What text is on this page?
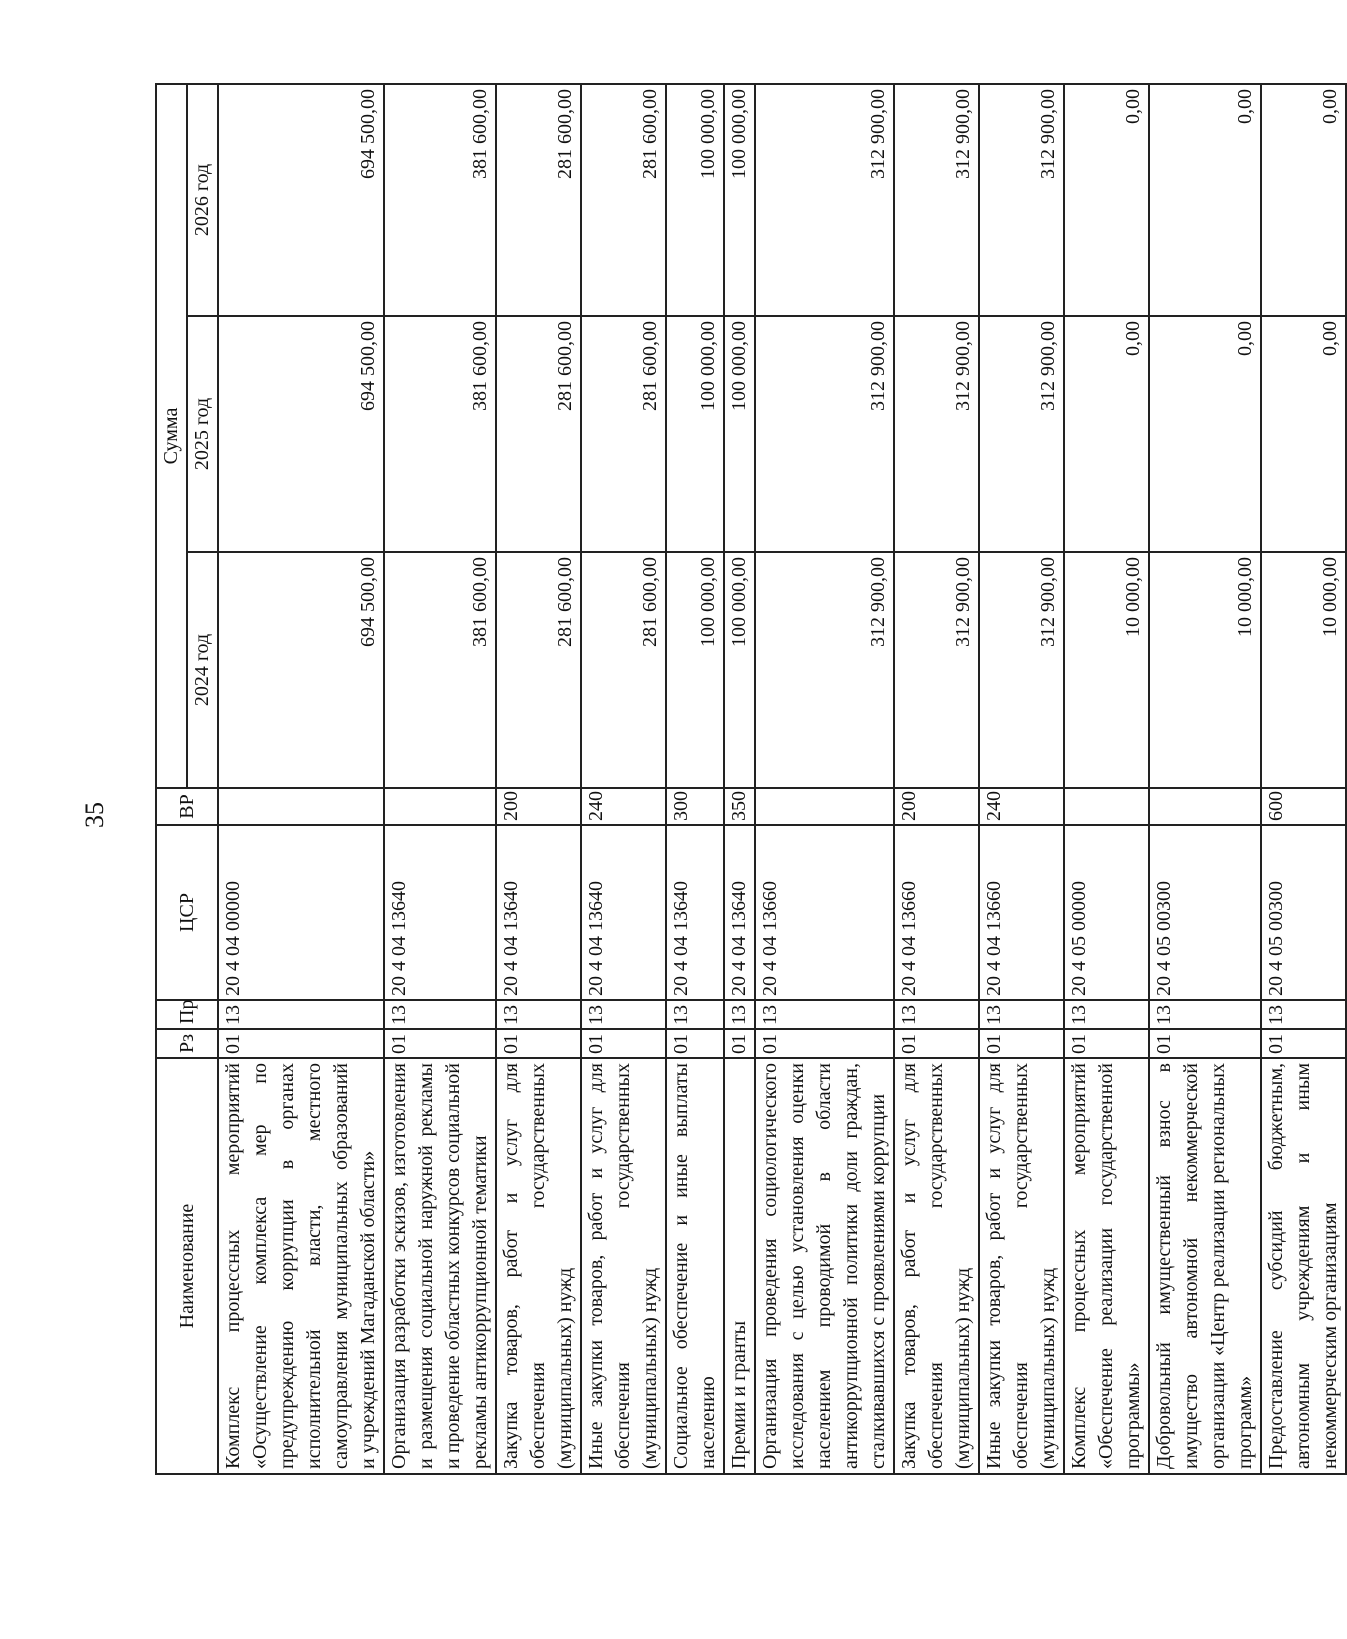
35
Наименование	Рз	Пр	ЦСР	ВР	Сумма		
					2024 год	2025 год	2026 год
Комплекс процессных мероприятий «Осуществление комплекса мер по предупреждению коррупции в органах исполнительной власти, местного самоуправления муниципальных образований и учреждений Магаданской области»	01	13	20 4 04 00000		694 500,00	694 500,00	694 500,00
Организация разработки эскизов, изготовления и размещения социальной наружной рекламы и проведение областных конкурсов социальной рекламы антикоррупционной тематики	01	13	20 4 04 13640		381 600,00	381 600,00	381 600,00
Закупка товаров, работ и услуг для обеспечения государственных (муниципальных) нужд	01	13	20 4 04 13640	200	281 600,00	281 600,00	281 600,00
Иные закупки товаров, работ и услуг для обеспечения государственных (муниципальных) нужд	01	13	20 4 04 13640	240	281 600,00	281 600,00	281 600,00
Социальное обеспечение и иные выплаты населению	01	13	20 4 04 13640	300	100 000,00	100 000,00	100 000,00
Премии и гранты	01	13	20 4 04 13640	350	100 000,00	100 000,00	100 000,00
Организация проведения социологического исследования с целью установления оценки населением проводимой в области антикоррупционной политики доли граждан, сталкивавшихся с проявлениями коррупции	01	13	20 4 04 13660		312 900,00	312 900,00	312 900,00
Закупка товаров, работ и услуг для обеспечения государственных (муниципальных) нужд	01	13	20 4 04 13660	200	312 900,00	312 900,00	312 900,00
Иные закупки товаров, работ и услуг для обеспечения государственных (муниципальных) нужд	01	13	20 4 04 13660	240	312 900,00	312 900,00	312 900,00
Комплекс процессных мероприятий «Обеспечение реализации государственной программы»	01	13	20 4 05 00000		10 000,00	0,00	0,00
Добровольный имущественный взнос в имущество автономной некоммерческой организации «Центр реализации региональных программ»	01	13	20 4 05 00300		10 000,00	0,00	0,00
Предоставление субсидий бюджетным, автономным учреждениям и иным некоммерческим организациям	01	13	20 4 05 00300	600	10 000,00	0,00	0,00
